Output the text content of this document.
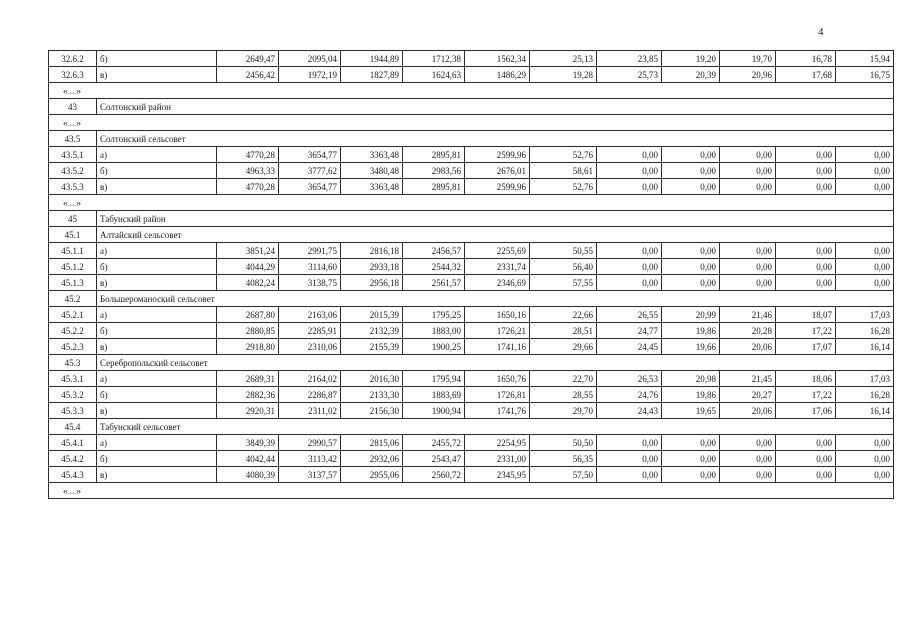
4
32.6.2	б)	2649,47	2095,04	1944,89	1712,38	1562,34	25,13	23,85	19,20	19,70	16,78	15,94
32.6.3	в)	2456,42	1972,19	1827,89	1624,63	1486,29	19,28	25,73	20,39	20,96	17,68	16,75
«…»												
43	Солтонский район											
«…»												
43.5	Солтонский сельсовет											
43.5.1	а)	4770,28	3654,77	3363,48	2895,81	2599,96	52,76	0,00	0,00	0,00	0,00	0,00
43.5.2	б)	4963,33	3777,62	3480,48	2983,56	2676,01	58,61	0,00	0,00	0,00	0,00	0,00
43.5.3	в)	4770,28	3654,77	3363,48	2895,81	2599,96	52,76	0,00	0,00	0,00	0,00	0,00
«…»												
45	Табунский район											
45.1	Алтайский сельсовет											
45.1.1	а)	3851,24	2991,75	2816,18	2456,57	2255,69	50,55	0,00	0,00	0,00	0,00	0,00
45.1.2	б)	4044,29	3114,60	2933,18	2544,32	2331,74	56,40	0,00	0,00	0,00	0,00	0,00
45.1.3	в)	4082,24	3138,75	2956,18	2561,57	2346,69	57,55	0,00	0,00	0,00	0,00	0,00
45.2	Большероманоский сельсовет											
45.2.1	а)	2687,80	2163,06	2015,39	1795,25	1650,16	22,66	26,55	20,99	21,46	18,07	17,03
45.2.2	б)	2880,85	2285,91	2132,39	1883,00	1726,21	28,51	24,77	19,86	20,28	17,22	16,28
45.2.3	в)	2918,80	2310,06	2155,39	1900,25	1741,16	29,66	24,45	19,66	20,06	17,07	16,14
45.3	Серебропольский сельсовет											
45.3.1	а)	2689,31	2164,02	2016,30	1795,94	1650,76	22,70	26,53	20,98	21,45	18,06	17,03
45.3.2	б)	2882,36	2286,87	2133,30	1883,69	1726,81	28,55	24,76	19,86	20,27	17,22	16,28
45.3.3	в)	2920,31	2311,02	2156,30	1900,94	1741,76	29,70	24,43	19,65	20,06	17,06	16,14
45.4	Табунский сельсовет											
45.4.1	а)	3849,39	2990,57	2815,06	2455,72	2254,95	50,50	0,00	0,00	0,00	0,00	0,00
45.4.2	б)	4042,44	3113,42	2932,06	2543,47	2331,00	56,35	0,00	0,00	0,00	0,00	0,00
45.4.3	в)	4080,39	3137,57	2955,06	2560,72	2345,95	57,50	0,00	0,00	0,00	0,00	0,00
«…»												
